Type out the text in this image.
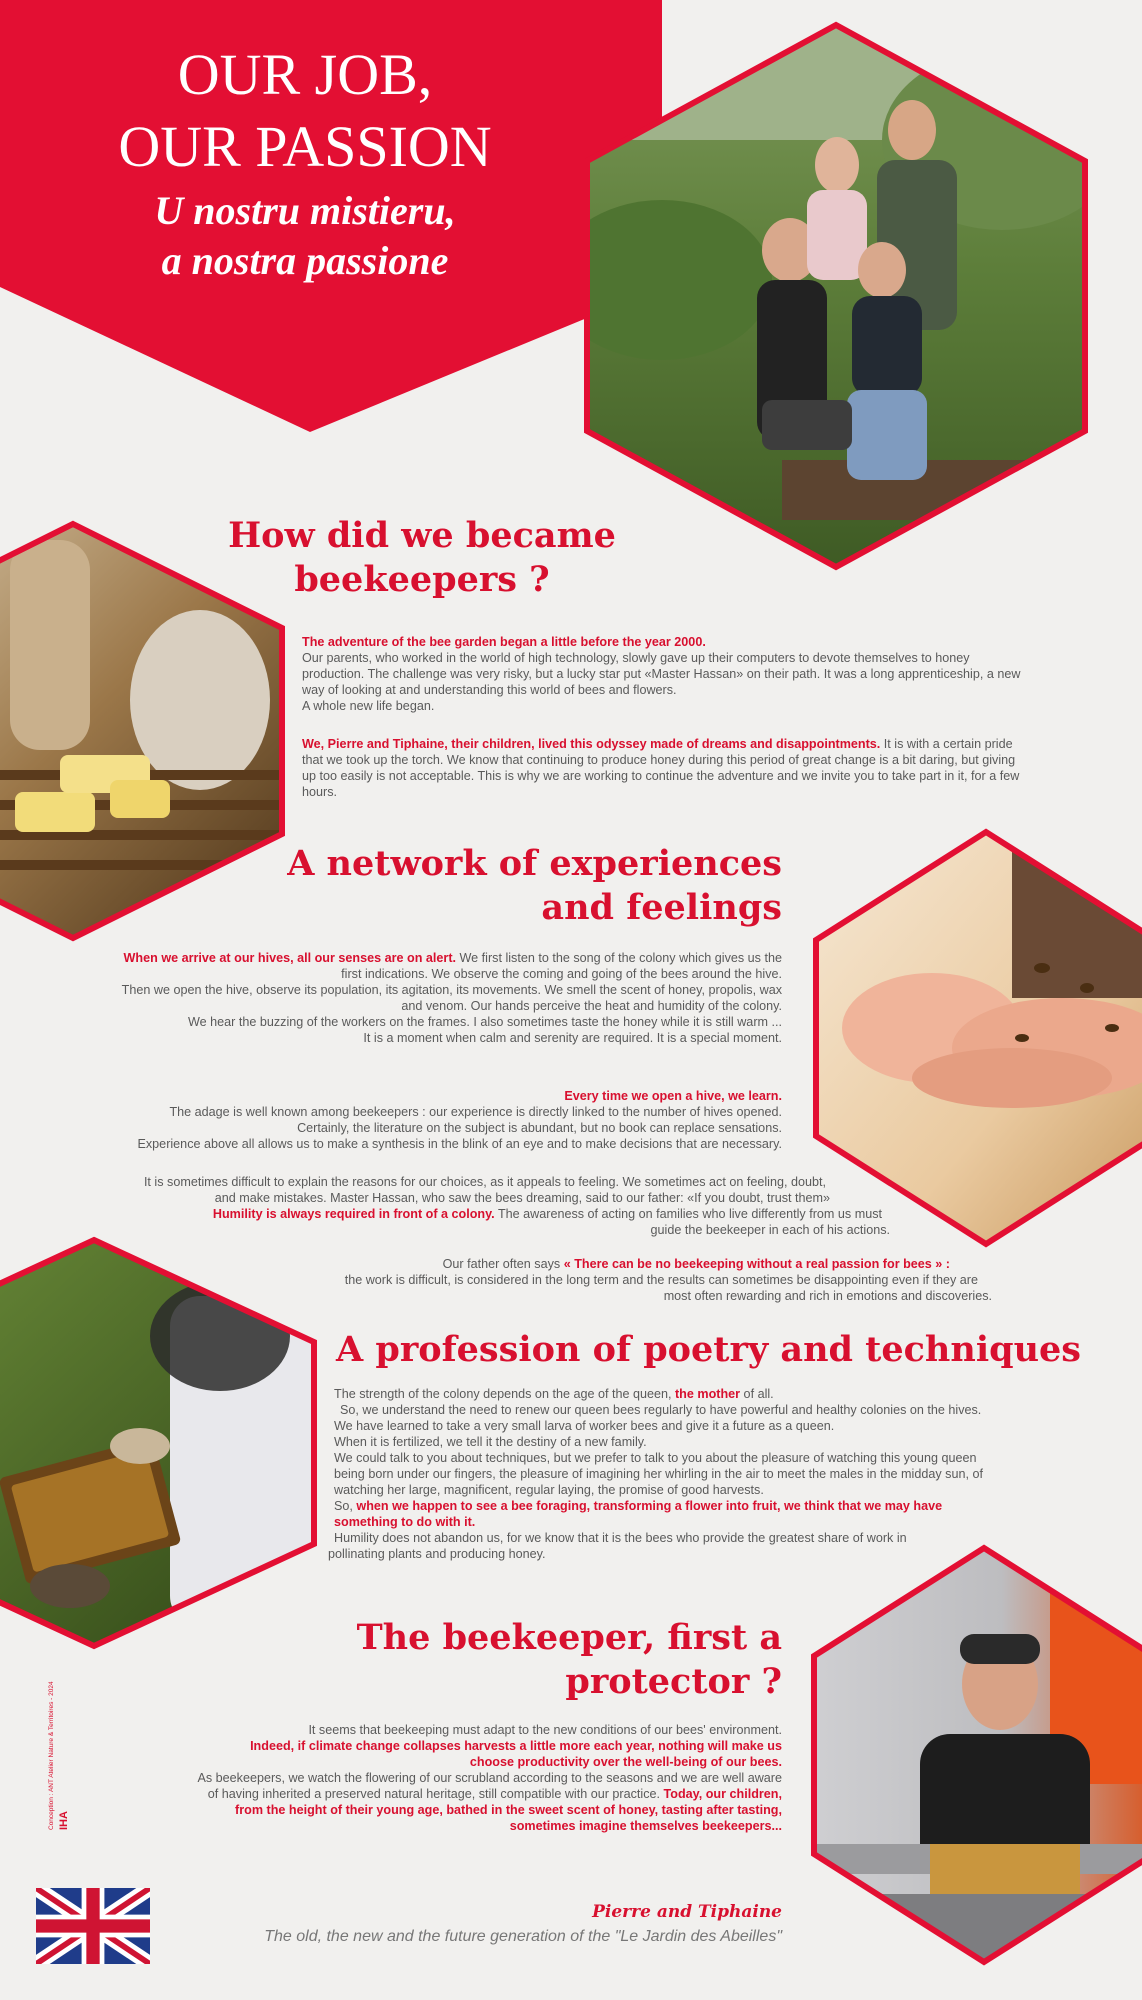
OUR JOB,
OUR PASSION
U nostru mistieru,
a nostra passione
How did we became
beekeepers ?

The adventure of the bee garden began a little before the year 2000.

Our parents, who worked in the world of high technology, slowly gave up their computers to devote themselves to honey

production. The challenge was very risky, but a lucky star put «Master Hassan» on their path. It was a long apprenticeship, a new

way of looking at and understanding this world of bees and flowers.

A whole new life began.

We, Pierre and Tiphaine, their children, lived this odyssey made of dreams and disappointments. It is with a certain pride

that we took up the torch. We know that continuing to produce honey during this period of great change is a bit daring, but giving

up too easily is not acceptable. This is why we are working to continue the adventure and we invite you to take part in it, for a few

hours.

A network of experiences
and feelings

When we arrive at our hives, all our senses are on alert. We first listen to the song of the colony which gives us the

first indications. We observe the coming and going of the bees around the hive.

Then we open the hive, observe its population, its agitation, its movements. We smell the scent of honey, propolis, wax

and venom. Our hands perceive the heat and humidity of the colony.

We hear the buzzing of the workers on the frames. I also sometimes taste the honey while it is still warm ...

It is a moment when calm and serenity are required. It is a special moment.

Every time we open a hive, we learn.

The adage is well known among beekeepers : our experience is directly linked to the number of hives opened.

Certainly, the literature on the subject is abundant, but no book can replace sensations.

Experience above all allows us to make a synthesis in the blink of an eye and to make decisions that are necessary.

It is sometimes difficult to explain the reasons for our choices, as it appeals to feeling. We sometimes act on feeling, doubt,

and make mistakes. Master Hassan, who saw the bees dreaming, said to our father: «If you doubt, trust them»

Humility is always required in front of a colony. The awareness of acting on families who live differently from us must

guide the beekeeper in each of his actions.

Our father often says « There can be no beekeeping without a real passion for bees » :

the work is difficult, is considered in the long term and the results can sometimes be disappointing even if they are

most often rewarding and rich in emotions and discoveries.

A profession of poetry and techniques

The strength of the colony depends on the age of the queen, the mother of all.

So, we understand the need to renew our queen bees regularly to have powerful and healthy colonies on the hives.

We have learned to take a very small larva of worker bees and give it a future as a queen.

When it is fertilized, we tell it the destiny of a new family.

We could talk to you about techniques, but we prefer to talk to you about the pleasure of watching this young queen

being born under our fingers, the pleasure of imagining her whirling in the air to meet the males in the midday sun, of

watching her large, magnificent, regular laying, the promise of good harvests.

So, when we happen to see a bee foraging, transforming a flower into fruit, we think that we may have

something to do with it.

Humility does not abandon us, for we know that it is the bees who provide the greatest share of work in

pollinating plants and producing honey.

The beekeeper, first a
protector ?

It seems that beekeeping must adapt to the new conditions of our bees' environment.

Indeed, if climate change collapses harvests a little more each year, nothing will make us

choose productivity over the well-being of our bees.

As beekeepers, we watch the flowering of our scrubland according to the seasons and we are well aware

of having inherited a preserved natural heritage, still compatible with our practice. Today, our children,

from the height of their young age, bathed in the sweet scent of honey, tasting after tasting,

sometimes imagine themselves beekeepers...

Pierre and Tiphaine
The old, the new and the future generation of the "Le Jardin des Abeilles"
Conception : ANT Atelier Nature & Territoires - 2024 IHA
